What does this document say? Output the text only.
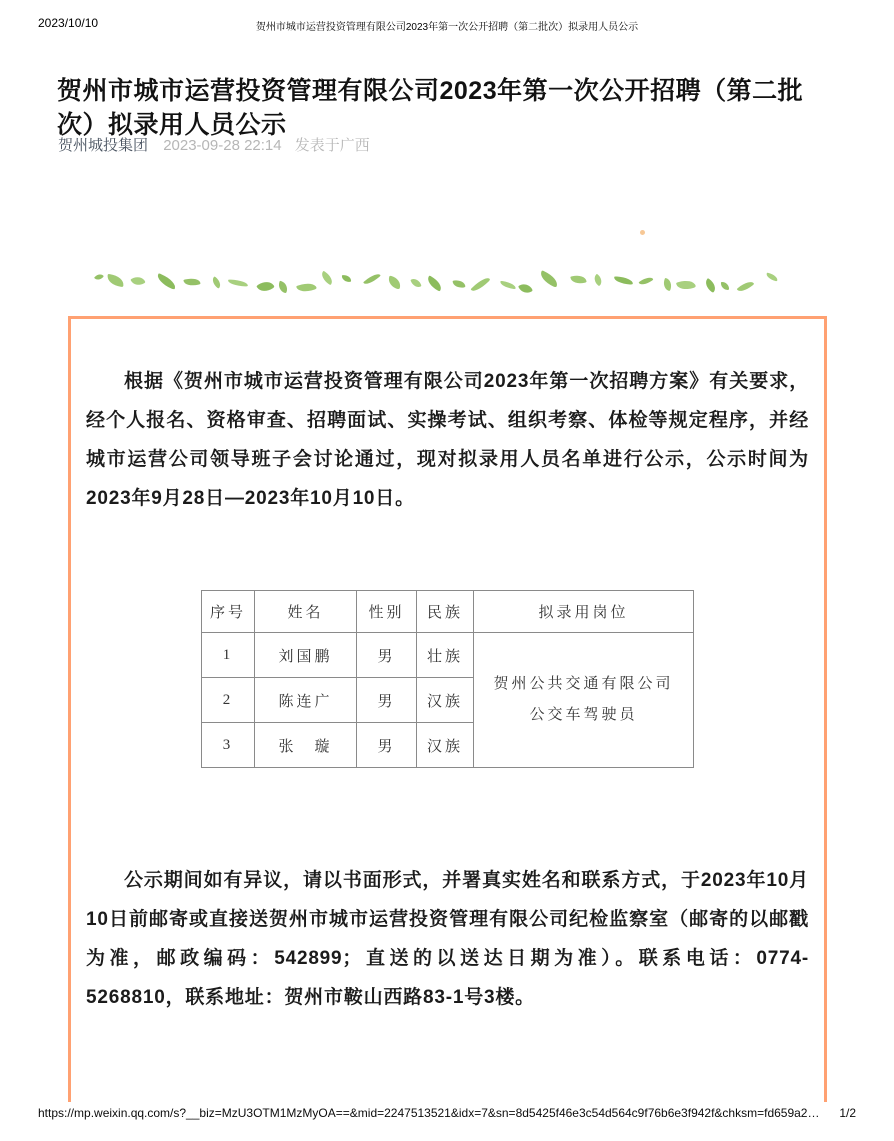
2023/10/10	贺州市城市运营投资管理有限公司2023年第一次公开招聘（第二批次）拟录用人员公示
贺州市城市运营投资管理有限公司2023年第一次公开招聘（第二批次）拟录用人员公示
贺州城投集团 2023-09-28 22:14 发表于广西

根据《贺州市城市运营投资管理有限公司2023年第一次招聘方案》有关要求，经个人报名、资格审查、招聘面试、实操考试、组织考察、体检等规定程序，并经城市运营公司领导班子会讨论通过，现对拟录用人员名单进行公示，公示时间为2023年9月28日—2023年10月10日。

序号	姓名	性别	民族	拟录用岗位
1	刘国鹏	男	壮族	贺州公共交通有限公司
公交车驾驶员

2	陈连广	男	汉族	
3	张　璇	男	汉族	

公示期间如有异议，请以书面形式，并署真实姓名和联系方式，于2023年10月10日前邮寄或直接送贺州市城市运营投资管理有限公司纪检监察室（邮寄的以邮戳为准，邮政编码：542899；直送的以送达日期为准）。联系电话：0774-5268810，联系地址：贺州市鞍山西路83-1号3楼。

https://mp.weixin.qq.com/s?__biz=MzU3OTM1MzMyOA==&mid=2247513521&idx=7&sn=8d5425f46e3c54d564c9f76b6e3f942f&chksm=fd659a2… 1/2
